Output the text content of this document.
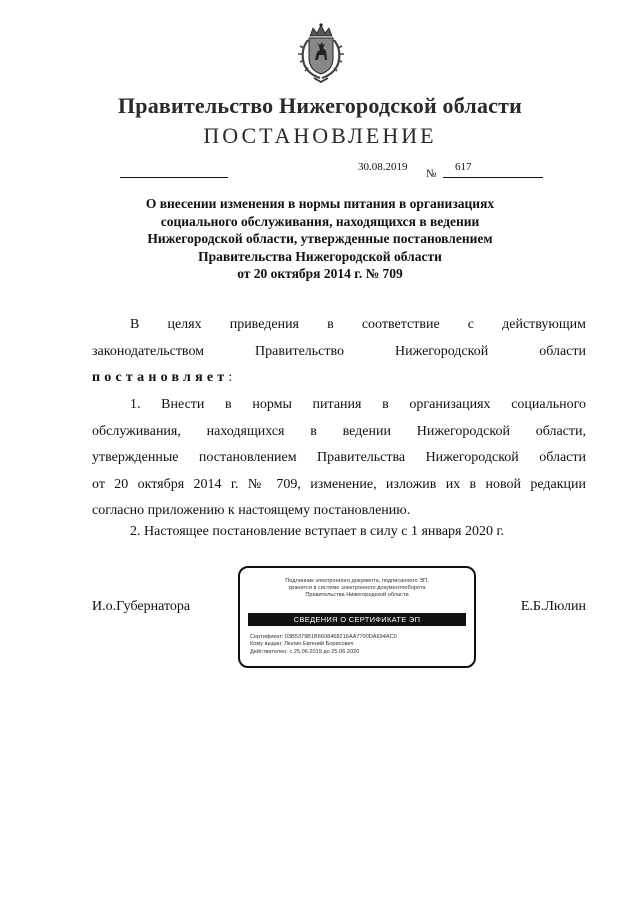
Правительство Нижегородской области
ПОСТАНОВЛЕНИЕ
30.08.2019
№
617
О внесении изменения в нормы питания в организациях
социального обслуживания, находящихся в ведении
Нижегородской области, утвержденные постановлением
Правительства Нижегородской области
от 20 октября 2014 г. № 709
В целях приведения в соответствие с действующим
законодательством Правительство Нижегородской области
постановляет:
1. Внести в нормы питания в организациях социального
обслуживания, находящихся в ведении Нижегородской области,
утвержденные постановлением Правительства Нижегородской области
от 20 октября 2014 г. № 709, изменение, изложив их в новой редакции
согласно приложению к настоящему постановлению.
2. Настоящее постановление вступает в силу с 1 января 2020 г.
И.о.Губернатора
Подлинник электронного документа, подписанного ЭП,
хранится в системе электронного документооборота
Правительства Нижегородской области
СВЕДЕНИЯ О СЕРТИФИКАТЕ ЭП
Сертификат: 03B5379B1B6608468216AA7700DA694AC0
Кому выдан: Люлин Евгений Борисович
Действителен: с 25.06.2019 до 25.06.2020
Е.Б.Люлин
